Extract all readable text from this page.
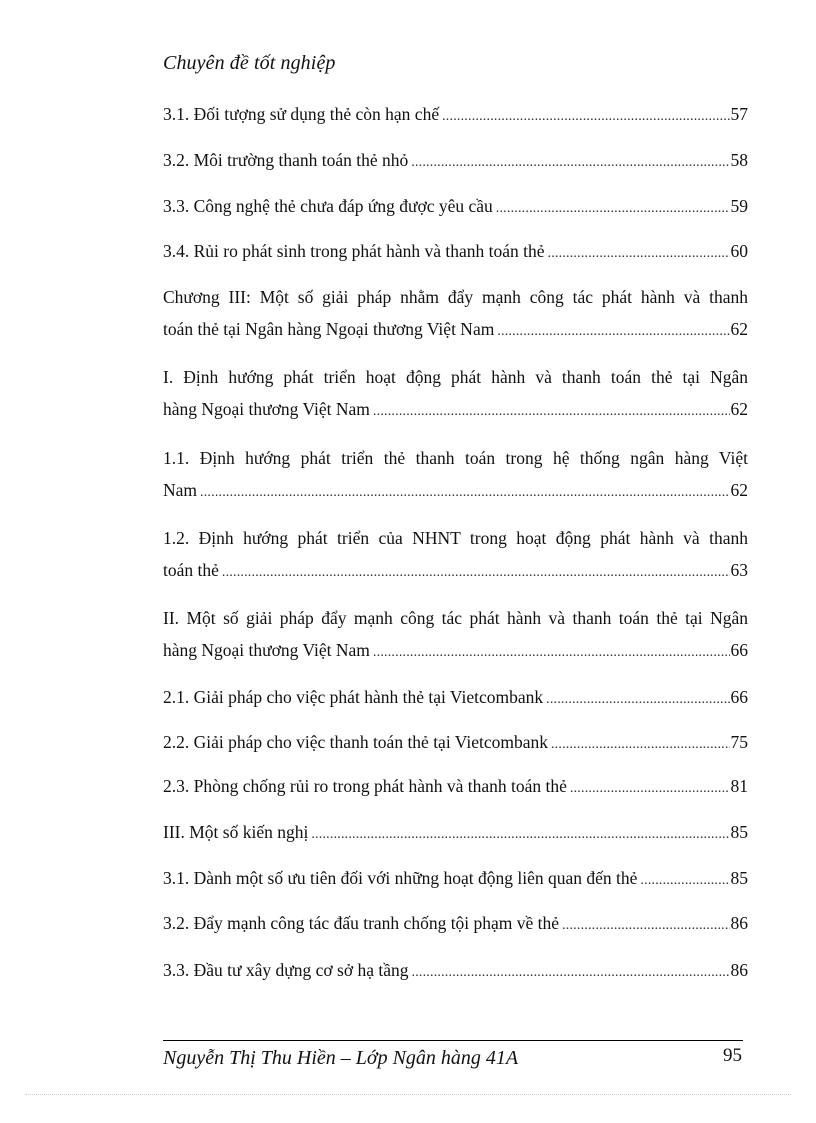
Chuyên đề tốt nghiệp
3.1. Đối tượng sử dụng thẻ còn hạn chế .....	57
3.2. Môi trường thanh toán thẻ nhỏ .....	58
3.3. Công nghệ thẻ chưa đáp ứng được yêu cầu .....	59
3.4. Rủi ro phát sinh trong phát hành và thanh toán thẻ .....	60
Chương III: Một số giải pháp nhằm đẩy mạnh công tác phát hành và thanh
toán thẻ tại Ngân hàng Ngoại thương Việt Nam .....	62
I. Định hướng phát triển hoạt động phát hành và thanh toán thẻ tại Ngân
hàng Ngoại thương Việt Nam .....	62
1.1. Định hướng phát triển thẻ thanh toán trong hệ thống ngân hàng Việt
Nam .....	62
1.2. Định hướng phát triển của NHNT trong hoạt động phát hành và thanh
toán thẻ .....	63
II. Một số giải pháp đẩy mạnh công tác phát hành và thanh toán thẻ tại Ngân
hàng Ngoại thương Việt Nam .....	66
2.1. Giải pháp cho việc phát hành thẻ tại Vietcombank .....	66
2.2. Giải pháp cho việc thanh toán thẻ tại Vietcombank .....	75
2.3. Phòng chống rủi ro trong phát hành và thanh toán thẻ .....	81
III. Một số kiến nghị .....	85
3.1. Dành một số ưu tiên đối với những hoạt động liên quan đến thẻ .....	85
3.2. Đẩy mạnh công tác đấu tranh chống tội phạm về thẻ .....	86
3.3. Đầu tư xây dựng cơ sở hạ tầng .....	86
Nguyễn Thị Thu Hiền – Lớp Ngân hàng 41A	95
